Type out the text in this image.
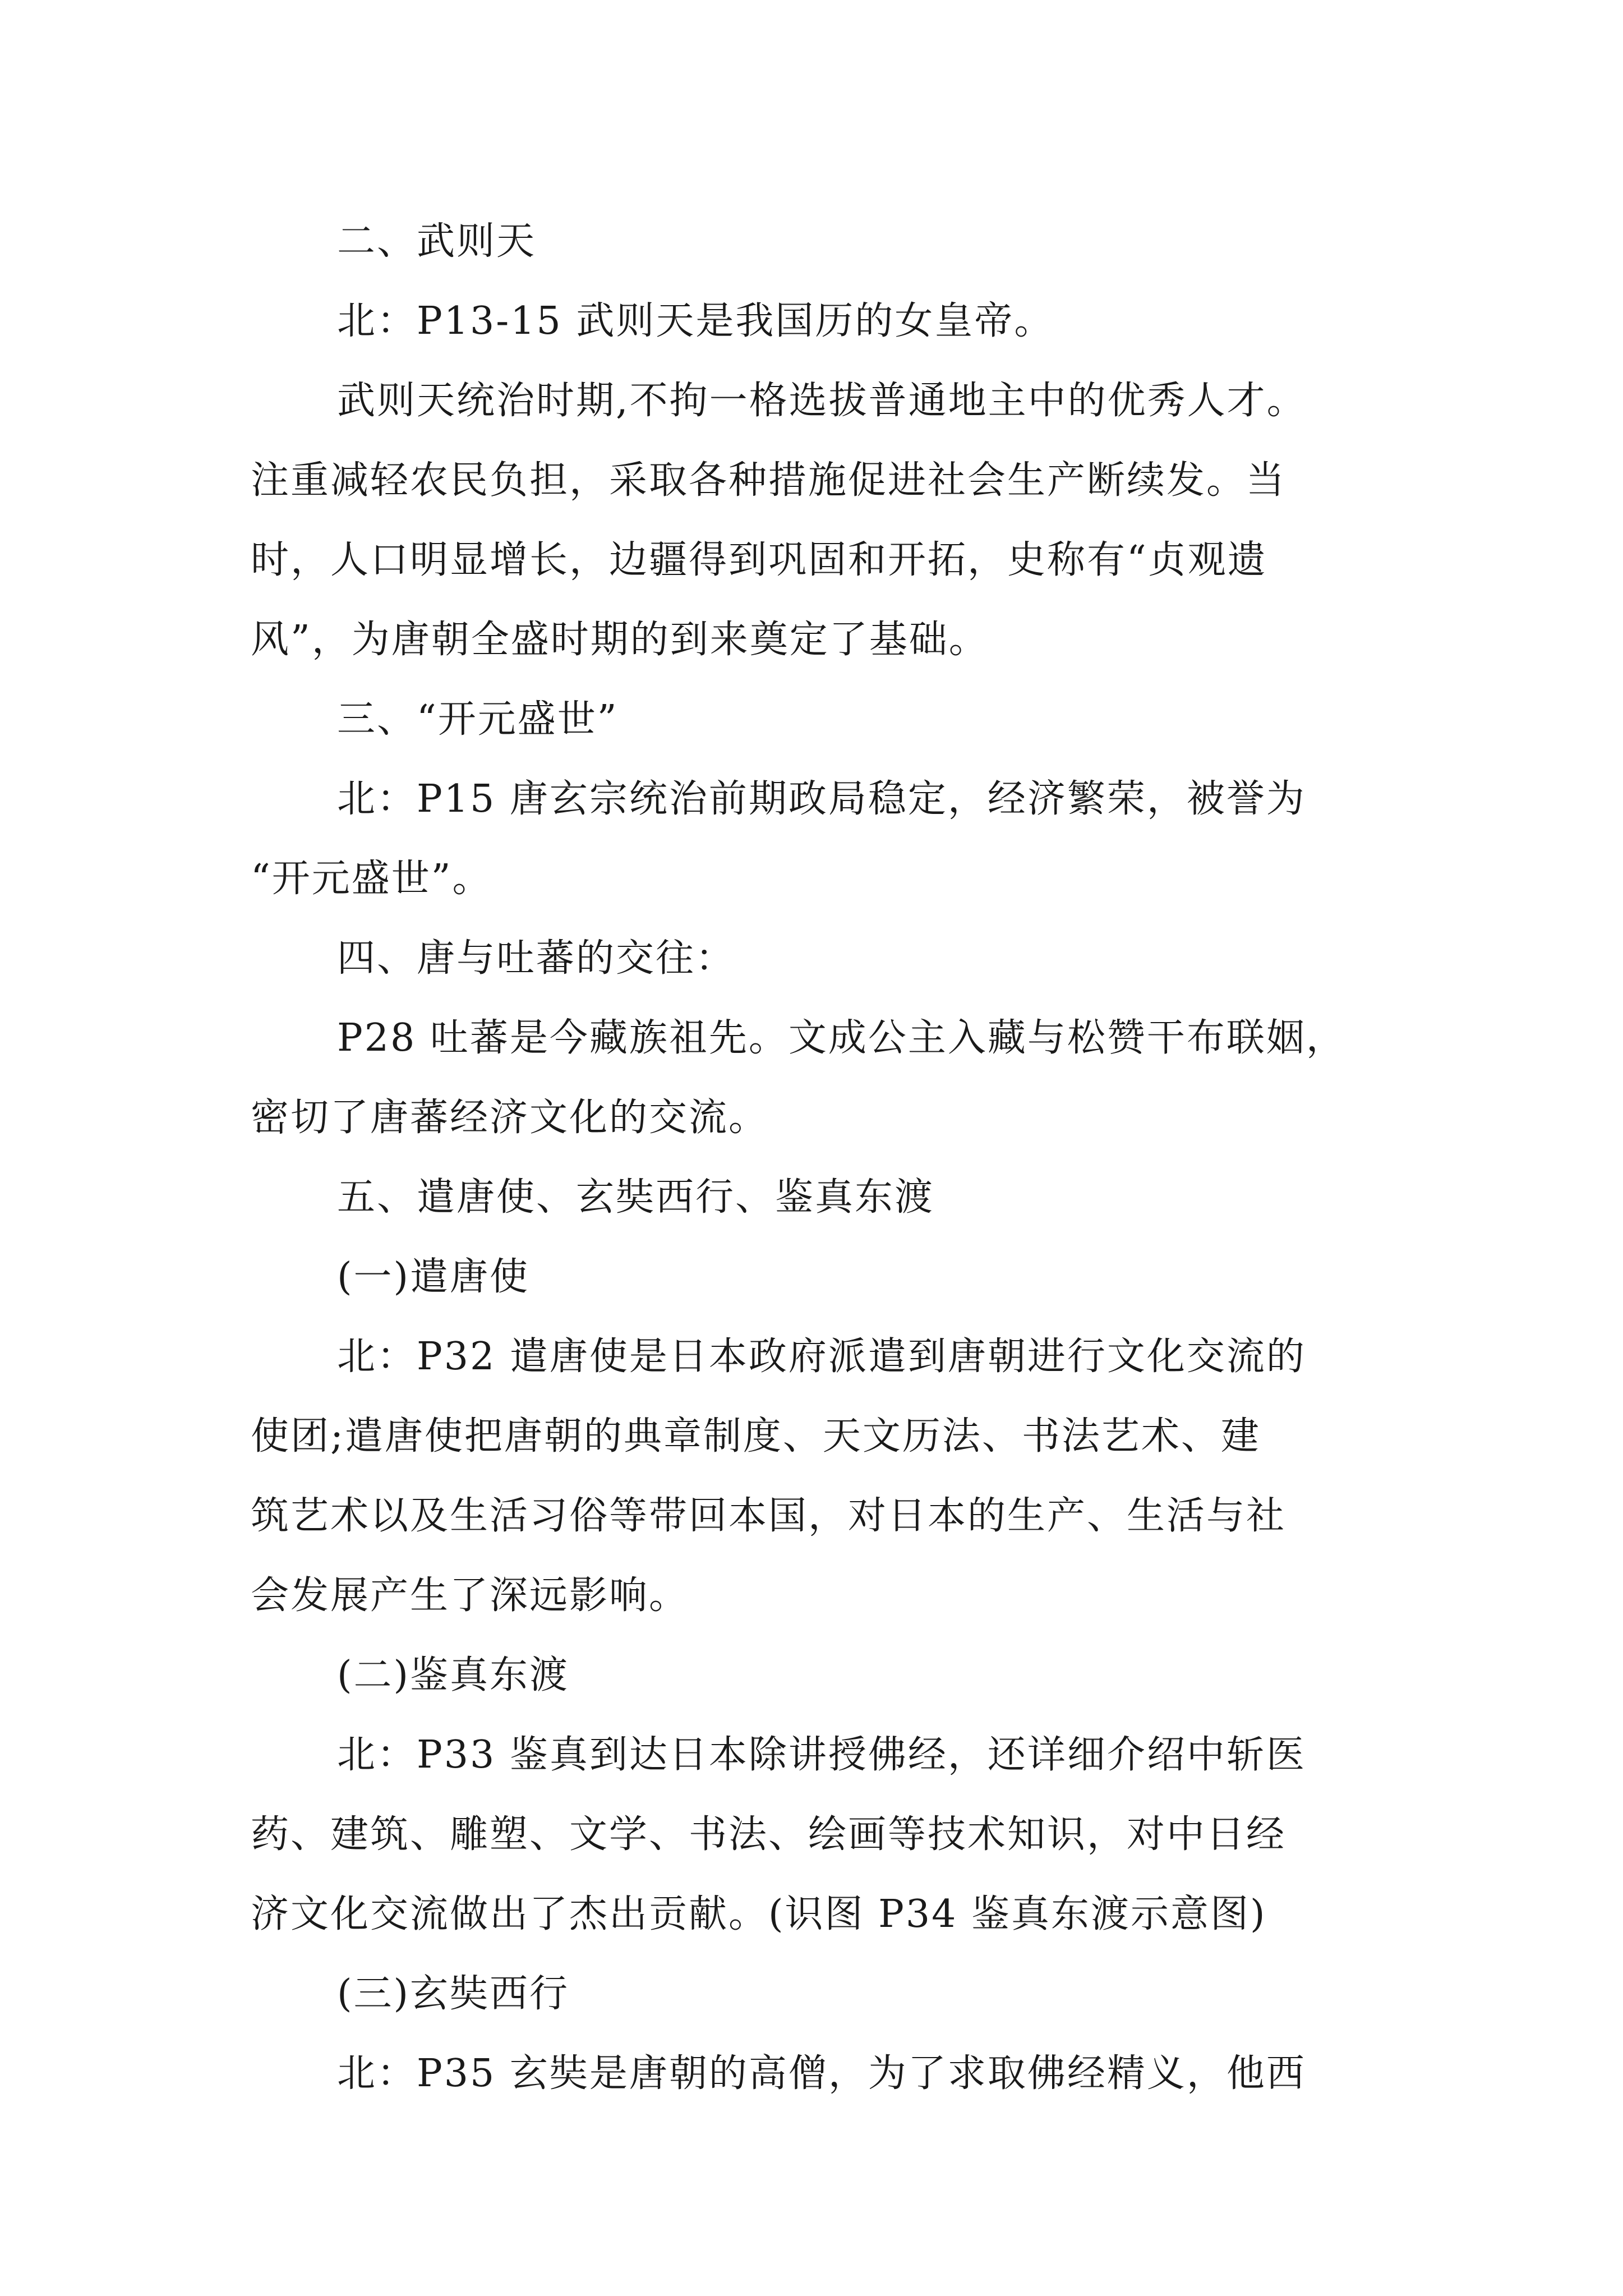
二、武则天

北：P13-15 武则天是我国历的女皇帝。

武则天统治时期,不拘一格选拔普通地主中的优秀人才。

注重减轻农民负担，采取各种措施促进社会生产断续发。当

时，人口明显增长，边疆得到巩固和开拓，史称有“贞观遗

风”，为唐朝全盛时期的到来奠定了基础。

三、“开元盛世”

北：P15 唐玄宗统治前期政局稳定，经济繁荣，被誉为

“开元盛世”。

四、唐与吐蕃的交往：

P28 吐蕃是今藏族祖先。文成公主入藏与松赞干布联姻，

密切了唐蕃经济文化的交流。

五、遣唐使、玄奘西行、鉴真东渡

(一)遣唐使

北：P32 遣唐使是日本政府派遣到唐朝进行文化交流的

使团;遣唐使把唐朝的典章制度、天文历法、书法艺术、建

筑艺术以及生活习俗等带回本国，对日本的生产、生活与社

会发展产生了深远影响。

(二)鉴真东渡

北：P33 鉴真到达日本除讲授佛经，还详细介绍中斩医

药、建筑、雕塑、文学、书法、绘画等技术知识，对中日经

济文化交流做出了杰出贡献。(识图 P34 鉴真东渡示意图)

(三)玄奘西行

北：P35 玄奘是唐朝的高僧，为了求取佛经精义，他西
